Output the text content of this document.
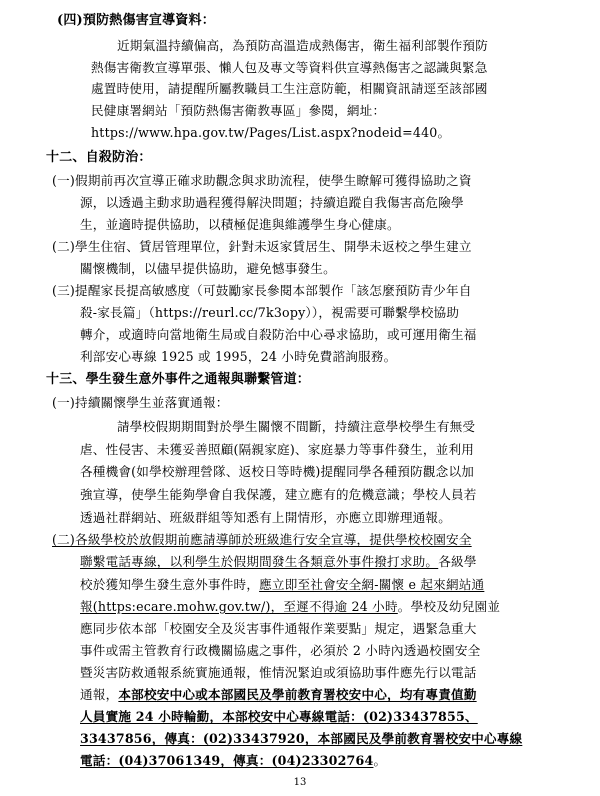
(四)預防熱傷害宣導資料：
近期氣溫持續偏高，為預防高溫造成熱傷害，衛生福利部製作預防
熱傷害衛教宣導單張、懶人包及專文等資料供宣導熱傷害之認識與緊急
處置時使用，請提醒所屬教職員工生注意防範，相關資訊請逕至該部國
民健康署網站「預防熱傷害衛教專區」參閱，網址：
https://www.hpa.gov.tw/Pages/List.aspx?nodeid=440。
十二、自殺防治：
(一)假期前再次宣導正確求助觀念與求助流程，使學生瞭解可獲得協助之資
源，以透過主動求助過程獲得解決問題；持續追蹤自我傷害高危險學
生，並適時提供協助，以積極促進與維護學生身心健康。
(二)學生住宿、賃居管理單位，針對未返家賃居生、開學未返校之學生建立
關懷機制，以儘早提供協助，避免憾事發生。
(三)提醒家長提高敏感度（可鼓勵家長參閱本部製作「該怎麼預防青少年自
殺-家長篇」（https://reurl.cc/7k3opy）），視需要可聯繫學校協助
轉介，或適時向當地衛生局或自殺防治中心尋求協助，或可運用衛生福
利部安心專線 1925 或 1995，24 小時免費諮詢服務。
十三、學生發生意外事件之通報與聯繫管道：
(一)持續關懷學生並落實通報：
請學校假期期間對於學生關懷不間斷，持續注意學校學生有無受
虐、性侵害、未獲妥善照顧(隔親家庭)、家庭暴力等事件發生，並利用
各種機會(如學校辦理營隊、返校日等時機)提醒同學各種預防觀念以加
強宣導，使學生能夠學會自我保護，建立應有的危機意識；學校人員若
透過社群網站、班級群組等知悉有上開情形，亦應立即辦理通報。
(二)各級學校於放假期前應請導師於班級進行安全宣導，提供學校校園安全
聯繫電話專線，以利學生於假期間發生各類意外事件撥打求助。各級學
校於獲知學生發生意外事件時，應立即至社會安全網-關懷 e 起來網站通
報(https:ecare.mohw.gov.tw/)，至遲不得逾 24 小時。學校及幼兒園並
應同步依本部「校園安全及災害事件通報作業要點」規定，遇緊急重大
事件或需主管教育行政機關協處之事件，必須於 2 小時內透過校園安全
暨災害防救通報系統實施通報，惟情況緊迫或須協助事件應先行以電話
通報，本部校安中心或本部國民及學前教育署校安中心，均有專責值勤
人員實施 24 小時輪勤，本部校安中心專線電話：(02)33437855、
33437856，傳真：(02)33437920，本部國民及學前教育署校安中心專線
電話：(04)37061349，傳真：(04)23302764。
13
